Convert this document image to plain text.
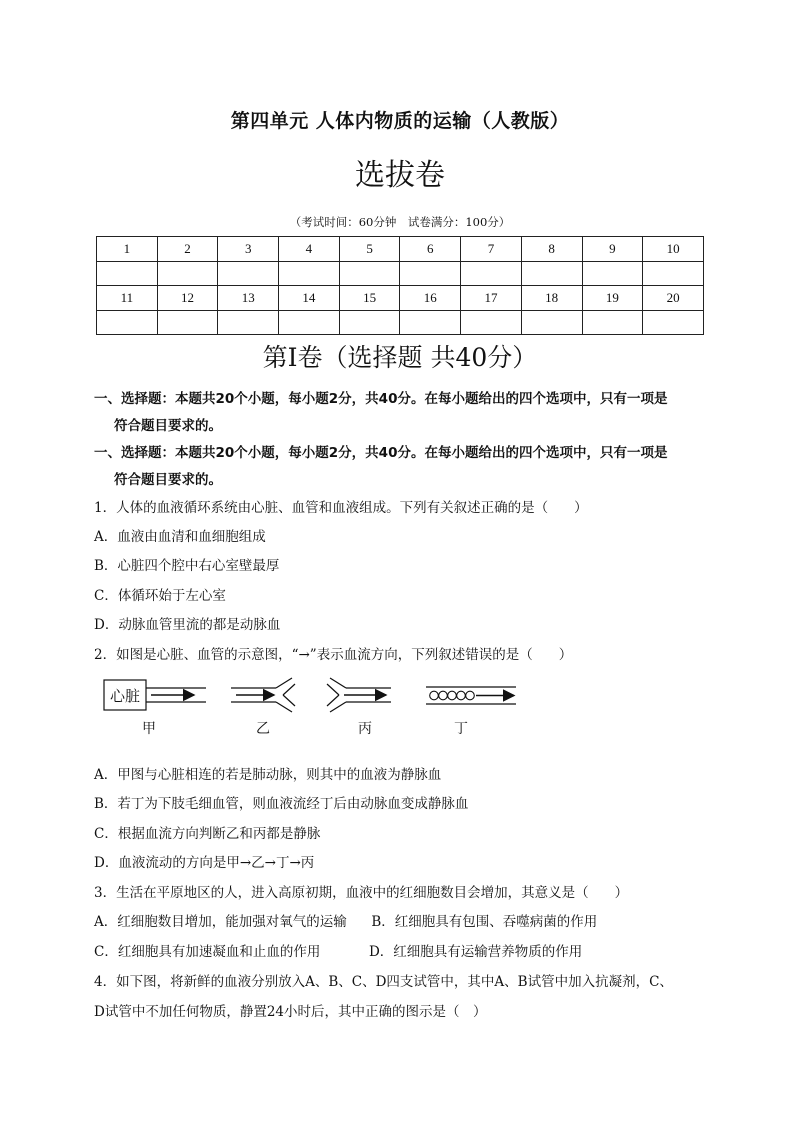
第四单元 人体内物质的运输（人教版）
选拔卷
（考试时间：60分钟　试卷满分：100分）
1	2	3	4	5	6	7	8	9	10

11	12	13	14	15	16	17	18	19	20

第Ⅰ卷（选择题 共40分）
一、选择题：本题共20个小题，每小题2分，共40分。在每小题给出的四个选项中，只有一项是
符合题目要求的。
一、选择题：本题共20个小题，每小题2分，共40分。在每小题给出的四个选项中，只有一项是
符合题目要求的。
1．人体的血液循环系统由心脏、血管和血液组成。下列有关叙述正确的是（ ）
A．血液由血清和血细胞组成
B．心脏四个腔中右心室壁最厚
C．体循环始于左心室
D．动脉血管里流的都是动脉血
2．如图是心脏、血管的示意图，“→”表示血流方向，下列叙述错误的是（ ）
心脏
甲	乙	丙	丁
A．甲图与心脏相连的若是肺动脉，则其中的血液为静脉血
B．若丁为下肢毛细血管，则血液流经丁后由动脉血变成静脉血
C．根据血流方向判断乙和丙都是静脉
D．血液流动的方向是甲→乙→丁→丙
3．生活在平原地区的人，进入高原初期，血液中的红细胞数目会增加，其意义是（ ）
A．红细胞数目增加，能加强对氧气的运输 B．红细胞具有包围、吞噬病菌的作用
C．红细胞具有加速凝血和止血的作用	D．红细胞具有运输营养物质的作用
4．如下图，将新鲜的血液分别放入A、B、C、D四支试管中，其中A、B试管中加入抗凝剂，C、
D试管中不加任何物质，静置24小时后，其中正确的图示是（　）
